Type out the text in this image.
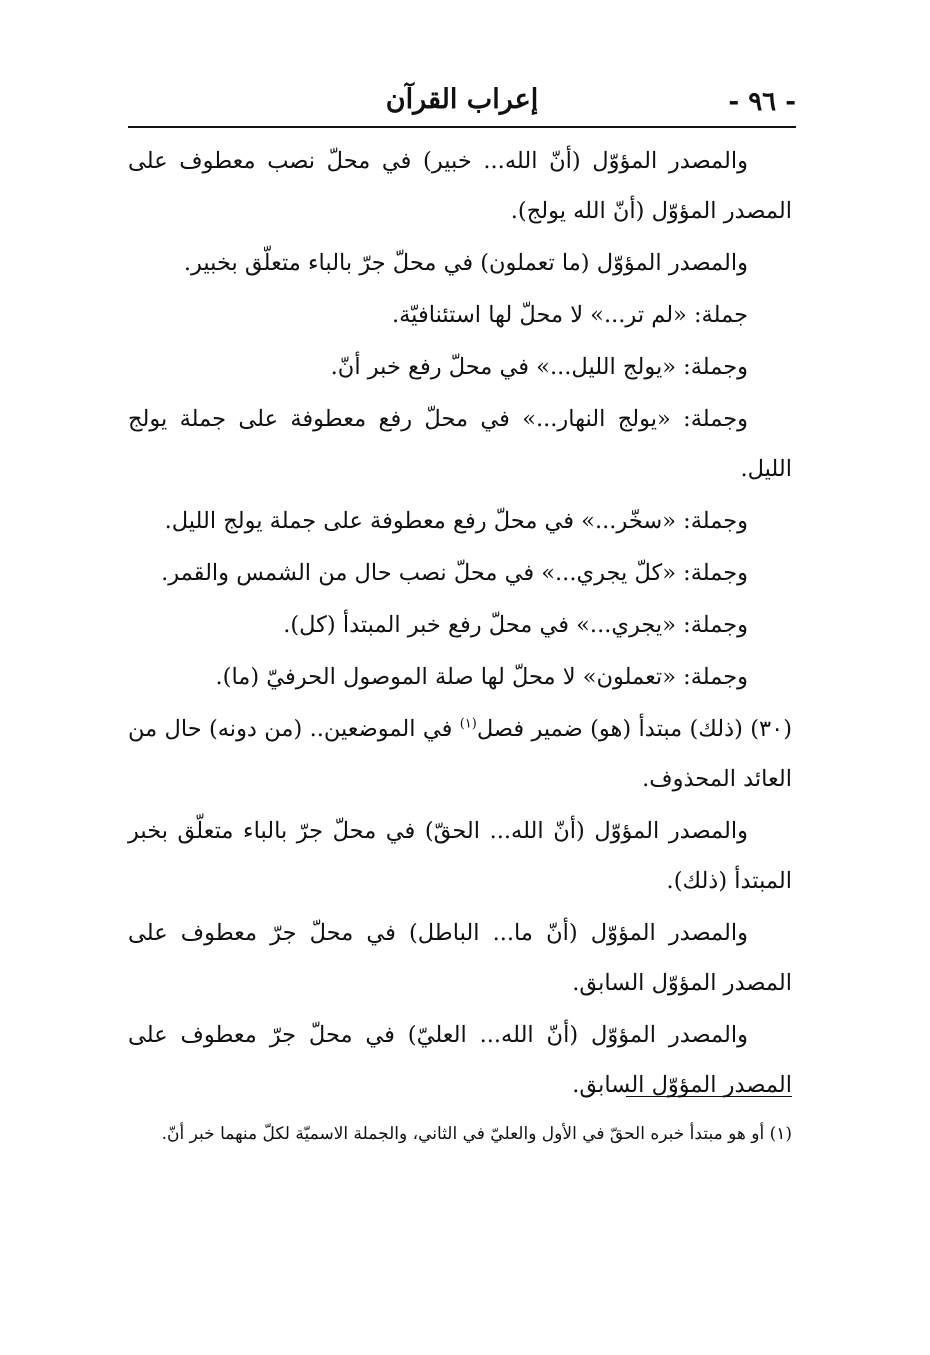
إعراب القرآن	- ٩٦ -

والمصدر المؤوّل (أنّ الله... خبير) في محلّ نصب معطوف على المصدر المؤوّل (أنّ الله يولج).

والمصدر المؤوّل (ما تعملون) في محلّ جرّ بالباء متعلّق بخبير.

جملة: «لم تر...» لا محلّ لها استئنافيّة.

وجملة: «يولج الليل...» في محلّ رفع خبر أنّ.

وجملة: «يولج النهار...» في محلّ رفع معطوفة على جملة يولج الليل.

وجملة: «سخّر...» في محلّ رفع معطوفة على جملة يولج الليل.

وجملة: «كلّ يجري...» في محلّ نصب حال من الشمس والقمر.

وجملة: «يجري...» في محلّ رفع خبر المبتدأ (كل).

وجملة: «تعملون» لا محلّ لها صلة الموصول الحرفيّ (ما).

(٣٠) (ذلك) مبتدأ (هو) ضمير فصل$^{(١)}$ في الموضعين.. (من دونه) حال من العائد المحذوف.

والمصدر المؤوّل (أنّ الله... الحقّ) في محلّ جرّ بالباء متعلّق بخبر المبتدأ (ذلك).

والمصدر المؤوّل (أنّ ما... الباطل) في محلّ جرّ معطوف على المصدر المؤوّل السابق.

والمصدر المؤوّل (أنّ الله... العليّ) في محلّ جرّ معطوف على المصدر المؤوّل السابق.

(١) أو هو مبتدأ خبره الحقّ في الأول والعليّ في الثاني، والجملة الاسميّة لكلّ منهما خبر أنّ.
